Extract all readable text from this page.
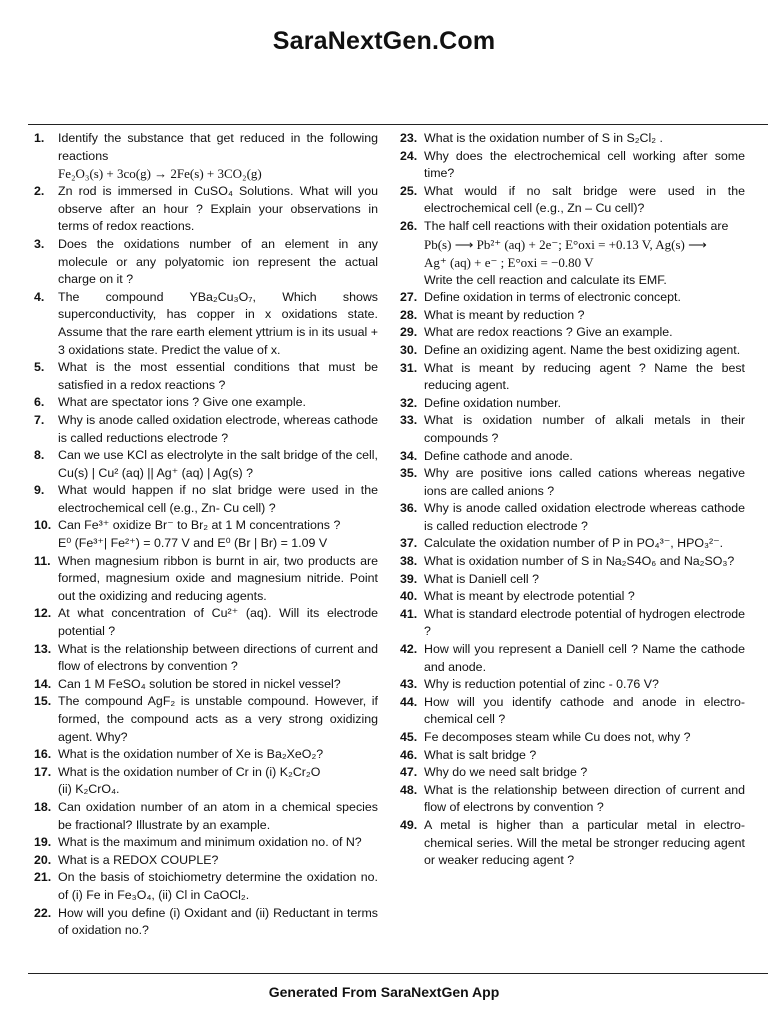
SaraNextGen.Com
1.	Identify the substance that get reduced in the following reactions
Fe₂O₃(s) + 3co(g) → 2Fe(s) + 3CO₂(g)
2.	Zn rod is immersed in CuSO₄ Solutions. What will you observe after an hour ? Explain your observations in terms of redox reactions.
3.	Does the oxidations number of an element in any molecule or any polyatomic ion represent the actual charge on it ?
4.	The compound YBa₂Cu₃O₇, Which shows superconductivity, has copper in x oxidations state. Assume that the rare earth element yttrium is in its usual + 3 oxidations state. Predict the value of x.
5.	What is the most essential conditions that must be satisfied in a redox reactions ?
6.	What are spectator ions ? Give one example.
7.	Why is anode called oxidation electrode, whereas cathode is called reductions electrode ?
8.	Can we use KCl as electrolyte in the salt bridge of the cell, Cu(s) | Cu² (aq) || Ag⁺ (aq) | Ag(s) ?
9.	What would happen if no slat bridge were used in the electrochemical cell (e.g., Zn- Cu cell) ?
10. Can Fe³⁺ oxidize Br⁻ to Br₂ at 1 M concentrations ?
E⁰ (Fe³⁺| Fe²⁺) = 0.77 V and E⁰ (Br | Br) = 1.09 V
11. When magnesium ribbon is burnt in air, two products are formed, magnesium oxide and magnesium nitride. Point out the oxidizing and reducing agents.
12. At what concentration of Cu²⁺ (aq). Will its electrode potential ?
13. What is the relationship between directions of current and flow of electrons by convention ?
14. Can 1 M FeSO₄ solution be stored in nickel vessel?
15. The compound AgF₂ is unstable compound. However, if formed, the compound acts as a very strong oxidizing agent. Why?
16. What is the oxidation number of Xe is Ba₂XeO₂?
17. What is the oxidation number of Cr in (i) K₂Cr₂O
(ii) K₂CrO₄.
18. Can oxidation number of an atom in a chemical species be fractional? Illustrate by an example.
19. What is the maximum and minimum oxidation no. of N?
20. What is a REDOX COUPLE?
21. On the basis of stoichiometry determine the oxidation no. of (i) Fe in Fe₃O₄, (ii) Cl in CaOCl₂.
22. How will you define (i) Oxidant and (ii) Reductant in terms of oxidation no.?
23. What is the oxidation number of S in S₂Cl₂ .
24. Why does the electrochemical cell working after some time?
25. What would if no salt bridge were used in the electrochemical cell (e.g., Zn – Cu cell)?
26. The half cell reactions with their oxidation potentials are
Pb(s) ⟶ Pb²⁺ (aq) + 2e⁻; E°oxi = +0.13 V, Ag(s) ⟶
Ag⁺ (aq) + e⁻ ; E°oxi = −0.80 V
Write the cell reaction and calculate its EMF.
27. Define oxidation in terms of electronic concept.
28. What is meant by reduction ?
29. What are redox reactions ? Give an example.
30. Define an oxidizing agent. Name the best oxidizing agent.
31. What is meant by reducing agent ? Name the best reducing agent.
32. Define oxidation number.
33. What is oxidation number of alkali metals in their compounds ?
34. Define cathode and anode.
35. Why are positive ions called cations whereas negative ions are called anions ?
36. Why is anode called oxidation electrode whereas cathode is called reduction electrode ?
37. Calculate the oxidation number of P in PO₄³⁻, HPO₃²⁻.
38. What is oxidation number of S in Na₂S4O₆ and Na₂SO₃?
39. What is Daniell cell ?
40. What is meant by electrode potential ?
41. What is standard electrode potential of hydrogen electrode ?
42. How will you represent a Daniell cell ? Name the cathode and anode.
43. Why is reduction potential of zinc - 0.76 V?
44. How will you identify cathode and anode in electro-chemical cell ?
45. Fe decomposes steam while Cu does not, why ?
46. What is salt bridge ?
47. Why do we need salt bridge ?
48. What is the relationship between direction of current and flow of electrons by convention ?
49. A metal is higher than a particular metal in electro-chemical series. Will the metal be stronger reducing agent or weaker reducing agent ?
Generated From SaraNextGen App
